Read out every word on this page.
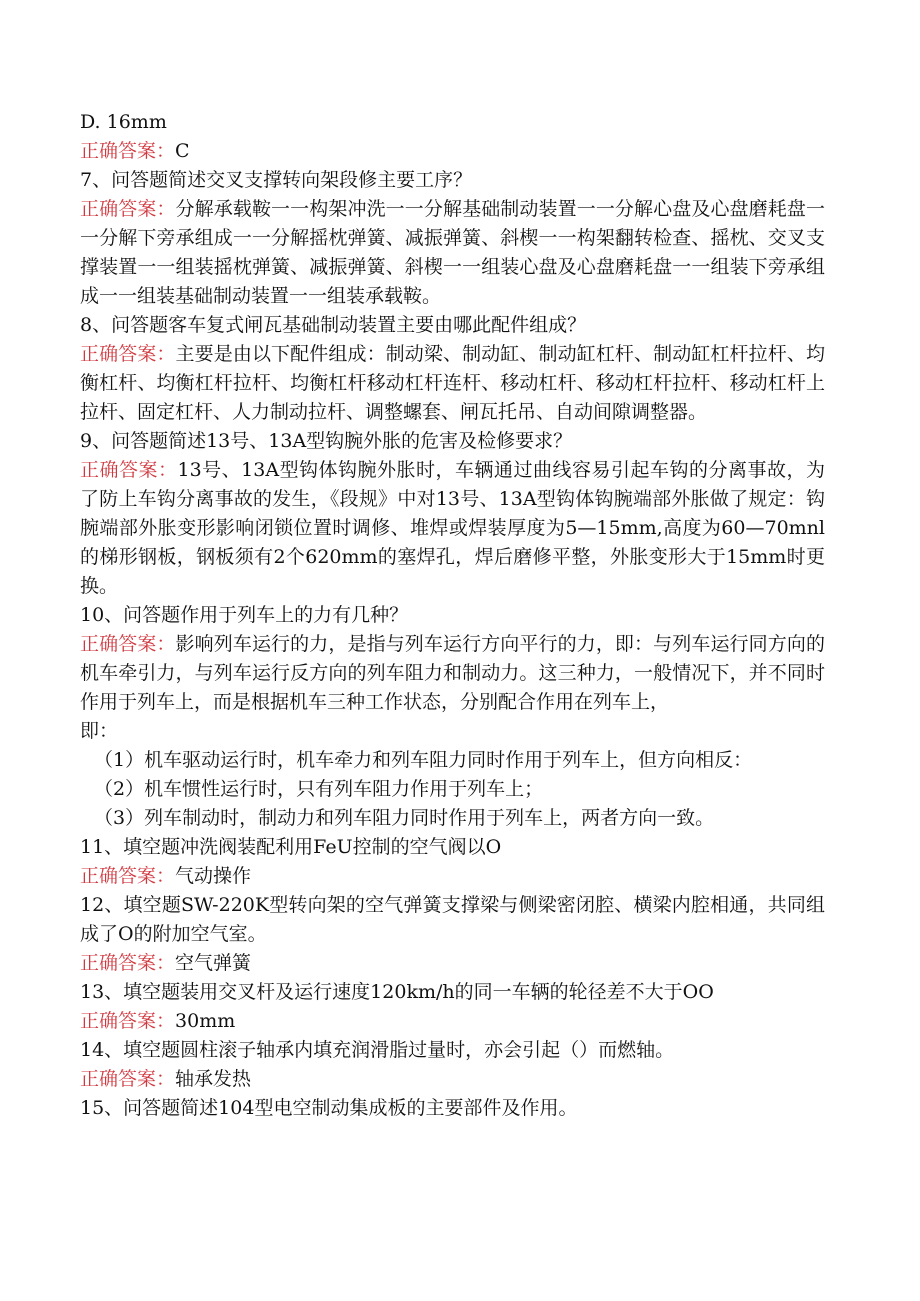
D. 16mm
正确答案：C
7、问答题简述交叉支撑转向架段修主要工序？
正确答案：分解承载鞍一一构架冲洗一一分解基础制动装置一一分解心盘及心盘磨耗盘一一分解下旁承组成一一分解摇枕弹簧、减振弹簧、斜楔一一构架翻转检查、摇枕、交叉支撑装置一一组装摇枕弹簧、减振弹簧、斜楔一一组装心盘及心盘磨耗盘一一组装下旁承组成一一组装基础制动装置一一组装承载鞍。
8、问答题客车复式闸瓦基础制动装置主要由哪此配件组成？
正确答案：主要是由以下配件组成：制动梁、制动缸、制动缸杠杆、制动缸杠杆拉杆、均衡杠杆、均衡杠杆拉杆、均衡杠杆移动杠杆连杆、移动杠杆、移动杠杆拉杆、移动杠杆上拉杆、固定杠杆、人力制动拉杆、调整螺套、闸瓦托吊、自动间隙调整器。
9、问答题简述13号、13A型钩腕外胀的危害及检修要求？
正确答案：13号、13A型钩体钩腕外胀时，车辆通过曲线容易引起车钩的分离事故，为了防上车钩分离事故的发生，《段规》中对13号、13A型钩体钩腕端部外胀做了规定：钩腕端部外胀变形影响闭锁位置时调修、堆焊或焊装厚度为5—15mm,高度为60—70mnl的梯形钢板，钢板须有2个620mm的塞焊孔，焊后磨修平整，外胀变形大于15mm时更换。
10、问答题作用于列车上的力有几种？
正确答案：影响列车运行的力，是指与列车运行方向平行的力，即：与列车运行同方向的机车牵引力，与列车运行反方向的列车阻力和制动力。这三种力，一般情况下，并不同时作用于列车上，而是根据机车三种工作状态，分别配合作用在列车上，
即：
（1）机车驱动运行时，机车牵力和列车阻力同时作用于列车上，但方向相反：
（2）机车惯性运行时，只有列车阻力作用于列车上；
（3）列车制动时，制动力和列车阻力同时作用于列车上，两者方向一致。
11、填空题冲洗阀装配利用FeU控制的空气阀以O
正确答案：气动操作
12、填空题SW-220K型转向架的空气弹簧支撑梁与侧梁密闭腔、横梁内腔相通，共同组成了O的附加空气室。
正确答案：空气弹簧
13、填空题装用交叉杆及运行速度120km/h的同一车辆的轮径差不大于OO
正确答案：30mm
14、填空题圆柱滚子轴承内填充润滑脂过量时，亦会引起（）而燃轴。
正确答案：轴承发热
15、问答题简述104型电空制动集成板的主要部件及作用。
